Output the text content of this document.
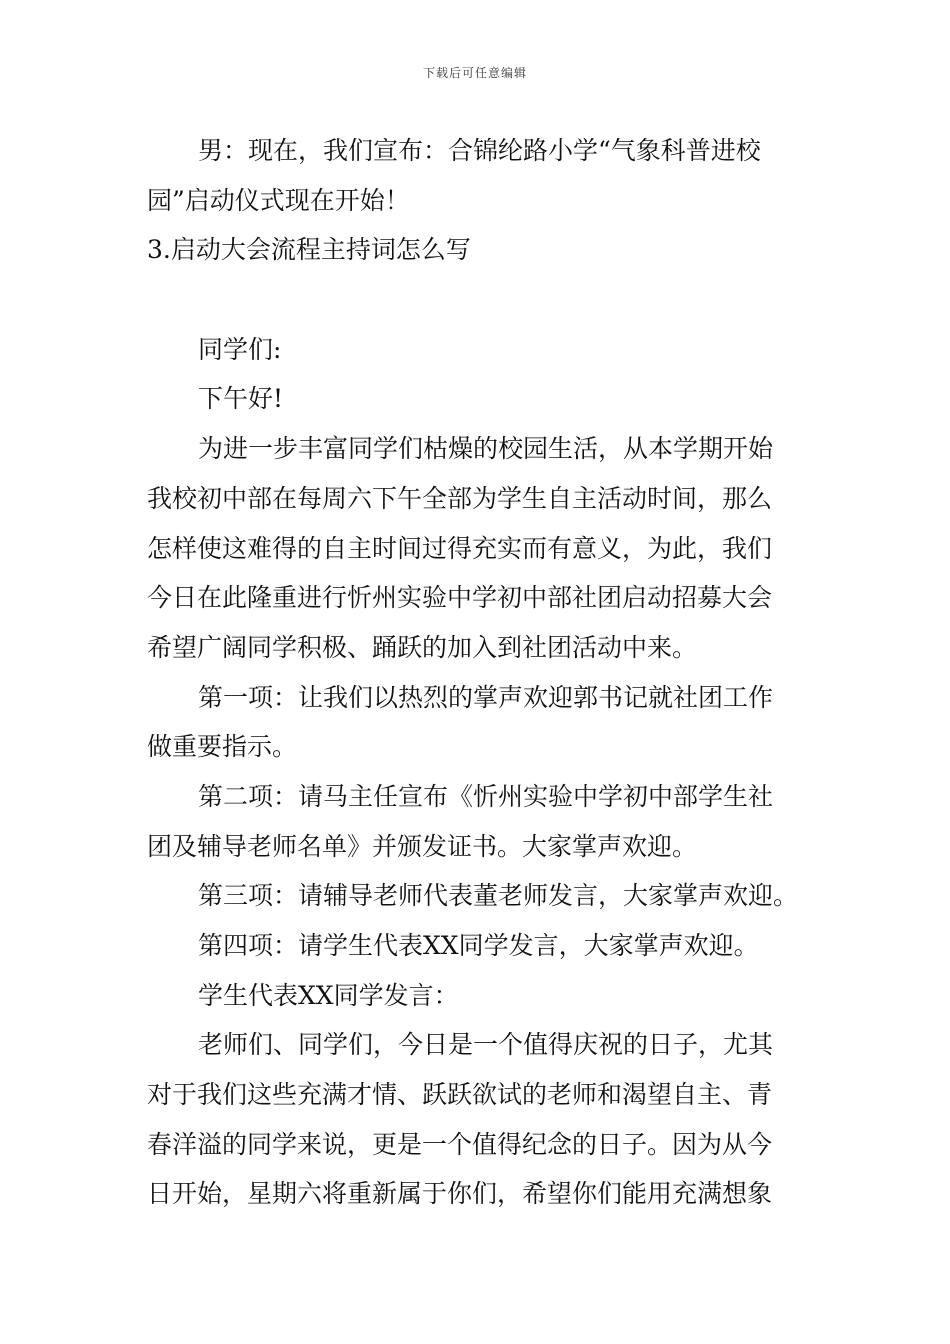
下载后可任意编辑
男：现在，我们宣布：合锦纶路小学“气象科普进校
园”启动仪式现在开始！
3.启动大会流程主持词怎么写
同学们:
下午好!
为进一步丰富同学们枯燥的校园生活，从本学期开始
我校初中部在每周六下午全部为学生自主活动时间，那么
怎样使这难得的自主时间过得充实而有意义，为此，我们
今日在此隆重进行忻州实验中学初中部社团启动招募大会
希望广阔同学积极、踊跃的加入到社团活动中来。
第一项：让我们以热烈的掌声欢迎郭书记就社团工作
做重要指示。
第二项：请马主任宣布《忻州实验中学初中部学生社
团及辅导老师名单》并颁发证书。大家掌声欢迎。
第三项：请辅导老师代表董老师发言，大家掌声欢迎。
第四项：请学生代表XX同学发言，大家掌声欢迎。
学生代表XX同学发言：
老师们、同学们，今日是一个值得庆祝的日子，尤其
对于我们这些充满才情、跃跃欲试的老师和渴望自主、青
春洋溢的同学来说，更是一个值得纪念的日子。因为从今
日开始，星期六将重新属于你们，希望你们能用充满想象
